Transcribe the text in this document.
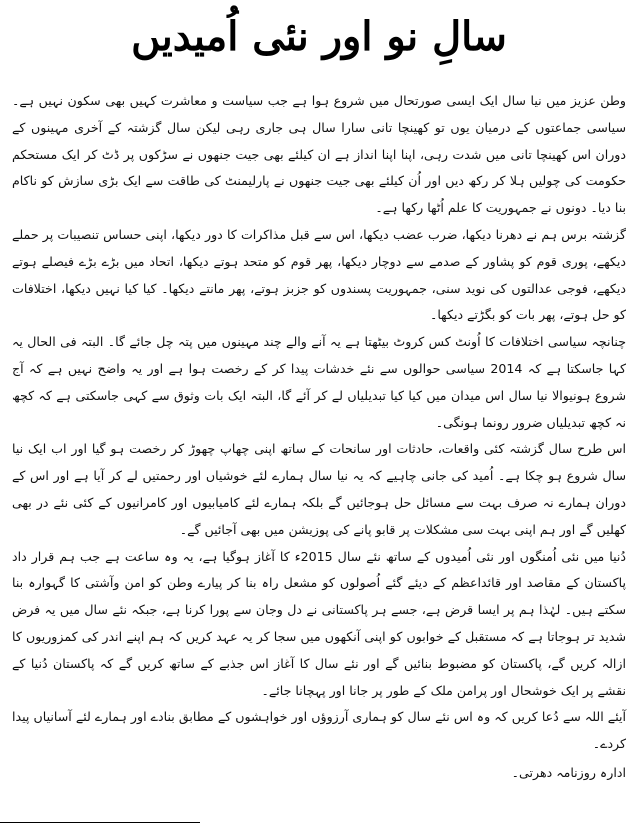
سالِ نو اور نئی اُمیدیں

وطن عزیز میں نیا سال ایک ایسی صورتحال میں شروع ہوا ہے جب سیاست و معاشرت کہیں بھی سکون نہیں ہے۔ سیاسی جماعتوں کے درمیان یوں تو کھینچا تانی سارا سال ہی جاری رہی لیکن سال گزشتہ کے آخری مہینوں کے دوران اس کھینچا تانی میں شدت رہی، اپنا اپنا انداز ہے ان کیلئے بھی جیت جنھوں نے سڑکوں پر ڈٹ کر ایک مستحکم حکومت کی چولیں ہلا کر رکھ دیں اور اُن کیلئے بھی جیت جنھوں نے پارلیمنٹ کی طاقت سے ایک بڑی سازش کو ناکام بنا دیا۔ دونوں نے جمہوریت کا علم اُٹھا رکھا ہے۔

گزشتہ برس ہم نے دھرنا دیکھا، ضرب عضب دیکھا، اس سے قبل مذاکرات کا دور دیکھا، اپنی حساس تنصیبات پر حملے دیکھے، پوری قوم کو پشاور کے صدمے سے دوچار دیکھا، پھر قوم کو متحد ہوتے دیکھا، اتحاد میں بڑے بڑے فیصلے ہوتے دیکھے، فوجی عدالتوں کی نوید سنی، جمہوریت پسندوں کو جزبز ہوتے، پھر مانتے دیکھا۔ کیا کیا نہیں دیکھا، اختلافات کو حل ہوتے، پھر بات کو بگڑتے دیکھا۔

چنانچہ سیاسی اختلافات کا اُونٹ کس کروٹ بیٹھتا ہے یہ آنے والے چند مہینوں میں پتہ چل جائے گا۔ البتہ فی الحال یہ کہا جاسکتا ہے کہ 2014 سیاسی حوالوں سے نئے خدشات پیدا کر کے رخصت ہوا ہے اور یہ واضح نہیں ہے کہ آج شروع ہونیوالا نیا سال اس میدان میں کیا کیا تبدیلیاں لے کر آئے گا، البتہ ایک بات وثوق سے کہی جاسکتی ہے کہ کچھ نہ کچھ تبدیلیاں ضرور رونما ہونگی۔

اس طرح سال گزشتہ کئی واقعات، حادثات اور سانحات کے ساتھ اپنی چھاپ چھوڑ کر رخصت ہو گیا اور اب ایک نیا سال شروع ہو چکا ہے۔ اُمید کی جانی چاہیے کہ یہ نیا سال ہمارے لئے خوشیاں اور رحمتیں لے کر آیا ہے اور اس کے دوران ہمارے نہ صرف بہت سے مسائل حل ہوجائیں گے بلکہ ہمارے لئے کامیابیوں اور کامرانیوں کے کئی نئے در بھی کھلیں گے اور ہم اپنی بہت سی مشکلات پر قابو پانے کی پوزیشن میں بھی آجائیں گے۔

دُنیا میں نئی اُمنگوں اور نئی اُمیدوں کے ساتھ نئے سال 2015ء کا آغاز ہوگیا ہے، یہ وہ ساعت ہے جب ہم قرار داد پاکستان کے مقاصد اور قائداعظم کے دیئے گئے اُصولوں کو مشعل راہ بنا کر پیارے وطن کو امن وآشتی کا گہوارہ بنا سکتے ہیں۔ لہٰذا ہم پر ایسا قرض ہے، جسے ہر پاکستانی نے دل وجان سے پورا کرنا ہے، جبکہ نئے سال میں یہ فرض شدید تر ہوجاتا ہے کہ مستقبل کے خوابوں کو اپنی آنکھوں میں سجا کر یہ عہد کریں کہ ہم اپنے اندر کی کمزوریوں کا ازالہ کریں گے، پاکستان کو مضبوط بنائیں گے اور نئے سال کا آغاز اس جذبے کے ساتھ کریں گے کہ پاکستان دُنیا کے نقشے پر ایک خوشحال اور پرامن ملک کے طور پر جانا اور پہچانا جائے۔

آیئے اللہ سے دُعا کریں کہ وہ اس نئے سال کو ہماری آرزوؤں اور خواہشوں کے مطابق بنادے اور ہمارے لئے آسانیاں پیدا کردے۔

ادارہ روزنامہ دھرتی۔
